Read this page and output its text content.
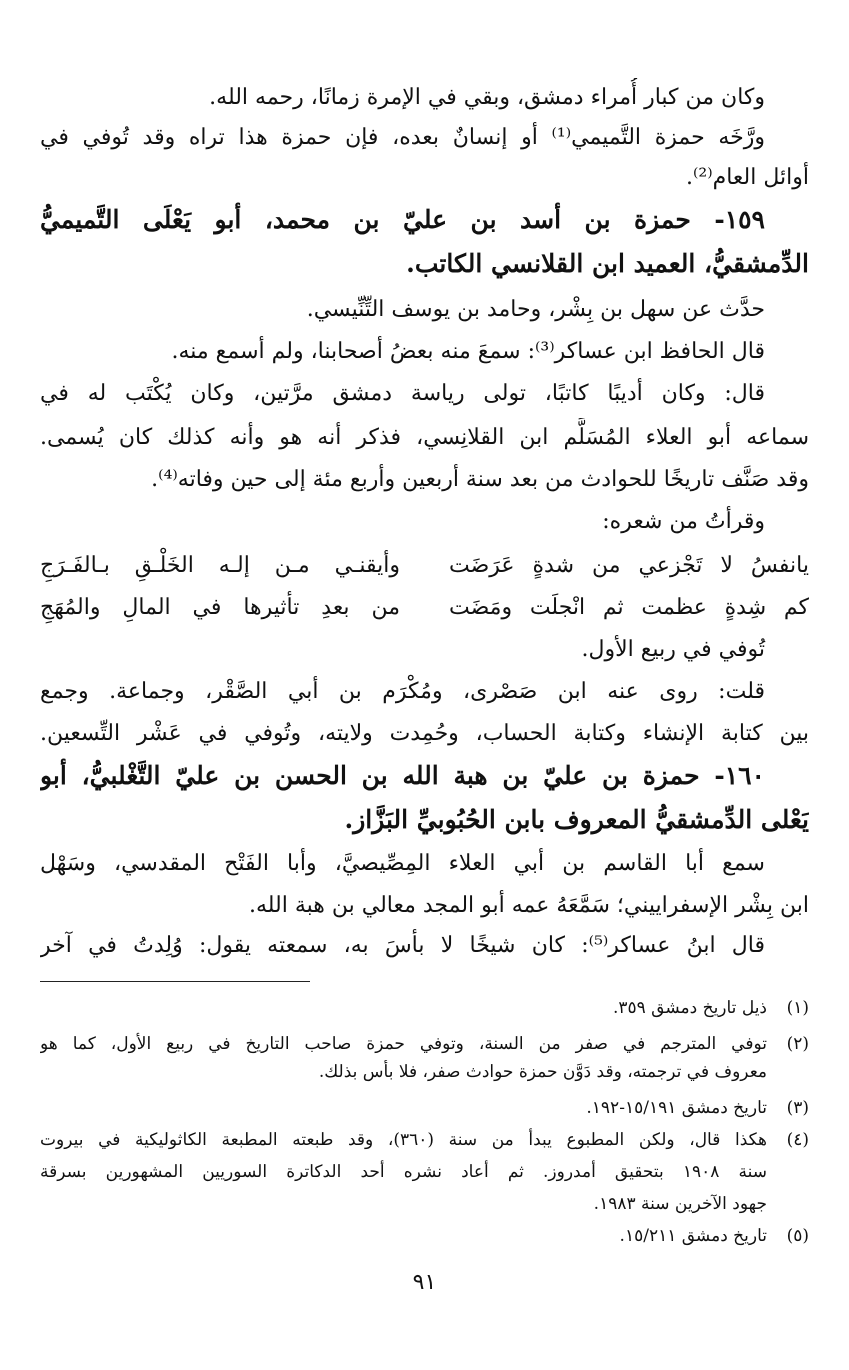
وكان من كبار أُمراء دمشق، وبقي في الإمرة زمانًا، رحمه الله.
ورَّخَه حمزة التَّميمي⁽¹⁾ أو إنسانٌ بعده، فإن حمزة هذا تراه وقد تُوفي في
أوائل العام⁽²⁾.
١٥٩- حمزة بن أسد بن عليّ بن محمد، أبو يَعْلَى التَّميميُّ
الدِّمشقيُّ، العميد ابن القلانسي الكاتب.
حدَّث عن سهل بن بِشْر، وحامد بن يوسف التِّنِّيسي.
قال الحافظ ابن عساكر⁽³⁾: سمعَ منه بعضُ أصحابنا، ولم أسمع منه.
قال: وكان أديبًا كاتبًا، تولى رياسة دمشق مرَّتين، وكان يُكْتَب له في
سماعه أبو العلاء المُسَلَّم ابن القلانِسي، فذكر أنه هو وأنه كذلك كان يُسمى.
وقد صَنَّف تاريخًا للحوادث من بعد سنة أربعين وأربع مئة إلى حين وفاته⁽⁴⁾.
وقرأتُ من شعره:
يانفسُ لا تَجْزعي من شدةٍ عَرَضَت
وأيقنـي مـن إلـه الخَلْـقِ بـالفَـرَجِ
كم شِدةٍ عظمت ثم انْجلَت ومَضَت
من بعدِ تأثيرها في المالِ والمُهَجِ
تُوفي في ربيع الأول.
قلت: روى عنه ابن صَصْرى، ومُكْرَم بن أبي الصَّقْر، وجماعة. وجمع
بين كتابة الإنشاء وكتابة الحساب، وحُمِدت ولايته، وتُوفي في عَشْر التِّسعين.
١٦٠- حمزة بن عليّ بن هبة الله بن الحسن بن عليّ التَّغْلبيُّ، أبو
يَعْلى الدِّمشقيُّ المعروف بابن الحُبُوبيِّ البَزَّاز.
سمع أبا القاسم بن أبي العلاء المِصِّيصيَّ، وأبا الفَتْح المقدسي، وسَهْل
ابن بِشْر الإسفراييني؛ سَمَّعَهُ عمه أبو المجد معالي بن هبة الله.
قال ابنُ عساكر⁽⁵⁾: كان شيخًا لا بأسَ به، سمعته يقول: وُلِدتُ في آخر
(١)ذيل تاريخ دمشق ٣٥٩.
(٢)توفي المترجم في صفر من السنة، وتوفي حمزة صاحب التاريخ في ربيع الأول، كما هو
معروف في ترجمته، وقد دَوَّن حمزة حوادث صفر، فلا بأس بذلك.
(٣)تاريخ دمشق ١٥/١٩١-١٩٢.
(٤)هكذا قال، ولكن المطبوع يبدأ من سنة (٣٦٠)، وقد طبعته المطبعة الكاثوليكية في بيروت
سنة ١٩٠٨ بتحقيق أمدروز. ثم أعاد نشره أحد الدكاترة السوريين المشهورين بسرقة
جهود الآخرين سنة ١٩٨٣.
(٥)تاريخ دمشق ١٥/٢١١.
٩١
